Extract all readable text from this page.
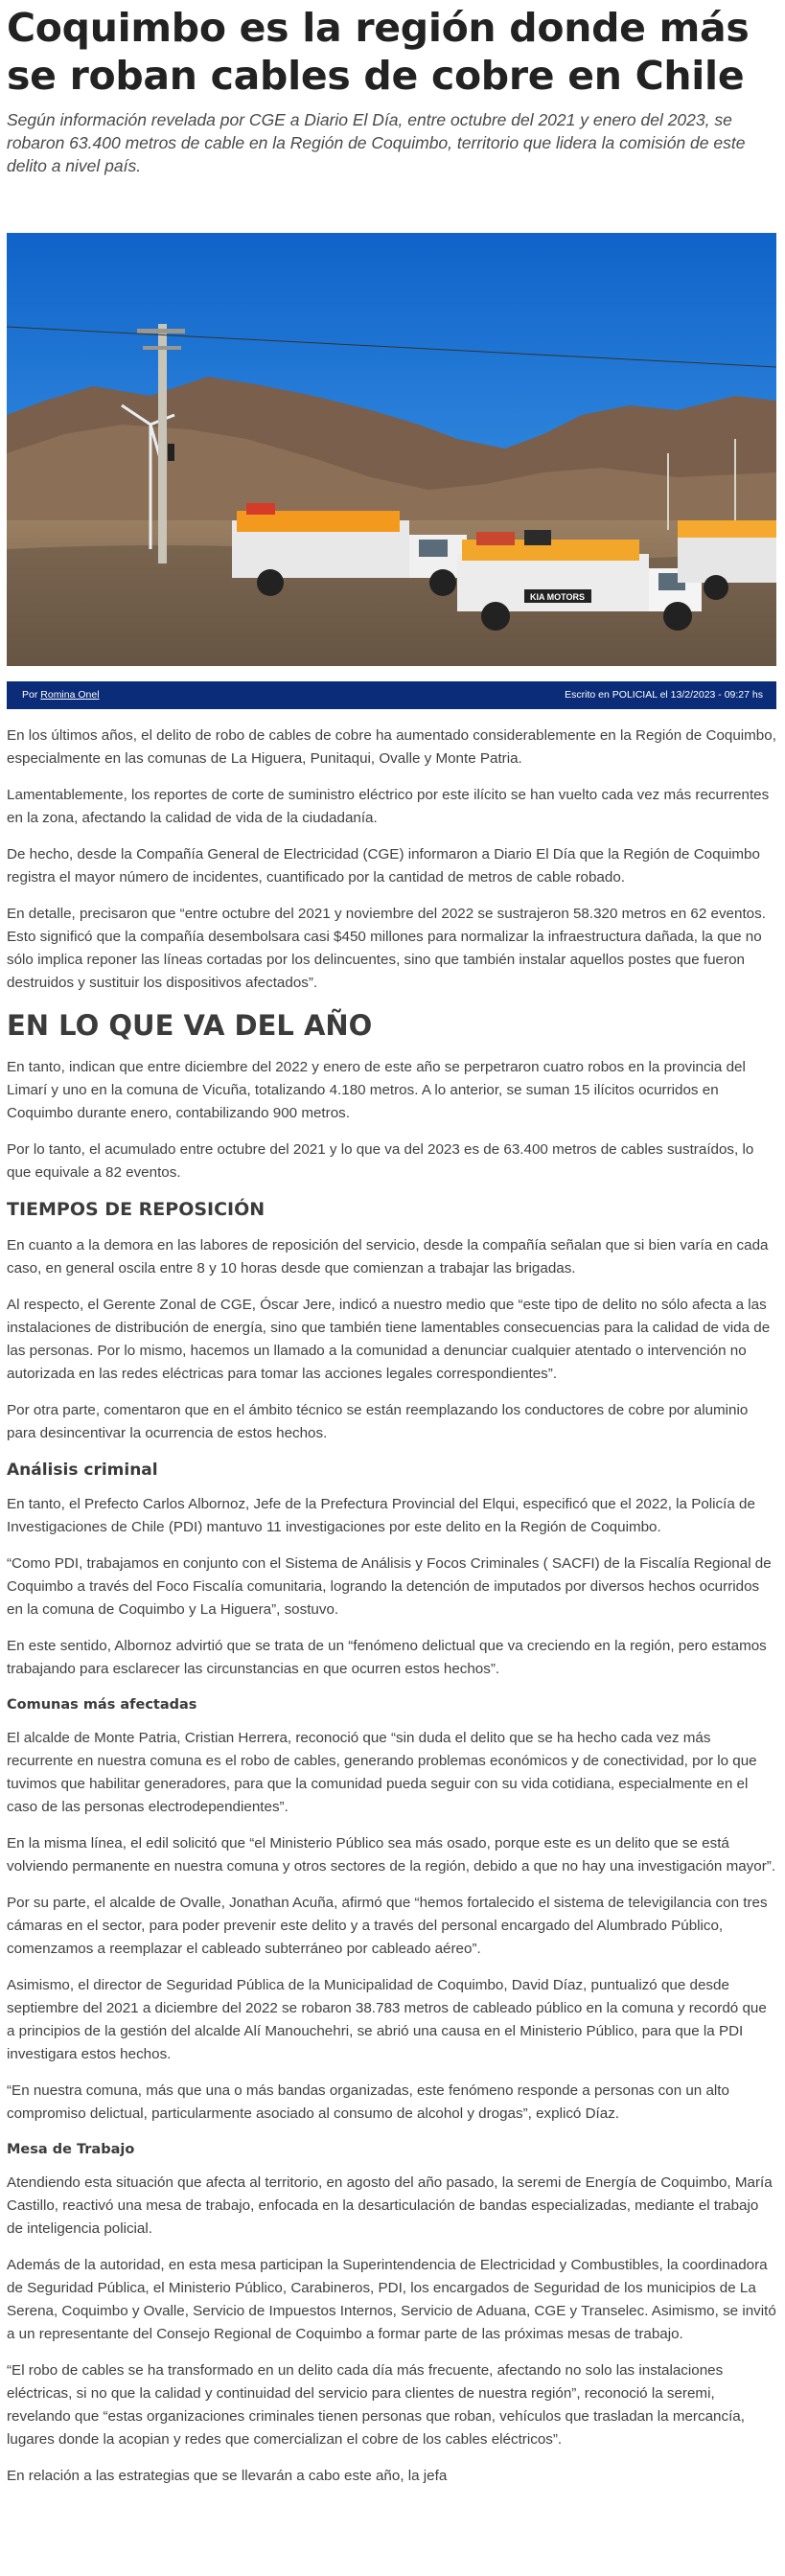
Coquimbo es la región donde más se roban cables de cobre en Chile

Según información revelada por CGE a Diario El Día, entre octubre del 2021 y enero del 2023, se robaron 63.400 metros de cable en la Región de Coquimbo, territorio que lidera la comisión de este delito a nivel país.

KIA MOTORS
Por Romina Onel	Escrito en POLICIAL el 13/2/2023 - 09:27 hs

En los últimos años, el delito de robo de cables de cobre ha aumentado considerablemente en la Región de Coquimbo, especialmente en las comunas de La Higuera, Punitaqui, Ovalle y Monte Patria.

Lamentablemente, los reportes de corte de suministro eléctrico por este ilícito se han vuelto cada vez más recurrentes en la zona, afectando la calidad de vida de la ciudadanía.

De hecho, desde la Compañía General de Electricidad (CGE) informaron a Diario El Día que la Región de Coquimbo registra el mayor número de incidentes, cuantificado por la cantidad de metros de cable robado.

En detalle, precisaron que “entre octubre del 2021 y noviembre del 2022 se sustrajeron 58.320 metros en 62 eventos. Esto significó que la compañía desembolsara casi $450 millones para normalizar la infraestructura dañada, la que no sólo implica reponer las líneas cortadas por los delincuentes, sino que también instalar aquellos postes que fueron destruidos y sustituir los dispositivos afectados”.

EN LO QUE VA DEL AÑO

En tanto, indican que entre diciembre del 2022 y enero de este año se perpetraron cuatro robos en la provincia del Limarí y uno en la comuna de Vicuña, totalizando 4.180 metros. A lo anterior, se suman 15 ilícitos ocurridos en Coquimbo durante enero, contabilizando 900 metros.

Por lo tanto, el acumulado entre octubre del 2021 y lo que va del 2023 es de 63.400 metros de cables sustraídos, lo que equivale a 82 eventos.

TIEMPOS DE REPOSICIÓN

En cuanto a la demora en las labores de reposición del servicio, desde la compañía señalan que si bien varía en cada caso, en general oscila entre 8 y 10 horas desde que comienzan a trabajar las brigadas.

Al respecto, el Gerente Zonal de CGE, Óscar Jere, indicó a nuestro medio que “este tipo de delito no sólo afecta a las instalaciones de distribución de energía, sino que también tiene lamentables consecuencias para la calidad de vida de las personas. Por lo mismo, hacemos un llamado a la comunidad a denunciar cualquier atentado o intervención no autorizada en las redes eléctricas para tomar las acciones legales correspondientes”.

Por otra parte, comentaron que en el ámbito técnico se están reemplazando los conductores de cobre por aluminio para desincentivar la ocurrencia de estos hechos.

Análisis criminal

En tanto, el Prefecto Carlos Albornoz, Jefe de la Prefectura Provincial del Elqui, especificó que el 2022, la Policía de Investigaciones de Chile (PDI) mantuvo 11 investigaciones por este delito en la Región de Coquimbo.

“Como PDI, trabajamos en conjunto con el Sistema de Análisis y Focos Criminales ( SACFI) de la Fiscalía Regional de Coquimbo a través del Foco Fiscalía comunitaria, logrando la detención de imputados por diversos hechos ocurridos en la comuna de Coquimbo y La Higuera”, sostuvo.

En este sentido, Albornoz advirtió que se trata de un “fenómeno delictual que va creciendo en la región, pero estamos trabajando para esclarecer las circunstancias en que ocurren estos hechos”.

Comunas más afectadas

El alcalde de Monte Patria, Cristian Herrera, reconoció que “sin duda el delito que se ha hecho cada vez más recurrente en nuestra comuna es el robo de cables, generando problemas económicos y de conectividad, por lo que tuvimos que habilitar generadores, para que la comunidad pueda seguir con su vida cotidiana, especialmente en el caso de las personas electrodependientes”.

En la misma línea, el edil solicitó que “el Ministerio Público sea más osado, porque este es un delito que se está volviendo permanente en nuestra comuna y otros sectores de la región, debido a que no hay una investigación mayor”.

Por su parte, el alcalde de Ovalle, Jonathan Acuña, afirmó que “hemos fortalecido el sistema de televigilancia con tres cámaras en el sector, para poder prevenir este delito y a través del personal encargado del Alumbrado Público, comenzamos a reemplazar el cableado subterráneo por cableado aéreo”.

Asimismo, el director de Seguridad Pública de la Municipalidad de Coquimbo, David Díaz, puntualizó que desde septiembre del 2021 a diciembre del 2022 se robaron 38.783 metros de cableado público en la comuna y recordó que a principios de la gestión del alcalde Alí Manouchehri, se abrió una causa en el Ministerio Público, para que la PDI investigara estos hechos.

“En nuestra comuna, más que una o más bandas organizadas, este fenómeno responde a personas con un alto compromiso delictual, particularmente asociado al consumo de alcohol y drogas”, explicó Díaz.

Mesa de Trabajo

Atendiendo esta situación que afecta al territorio, en agosto del año pasado, la seremi de Energía de Coquimbo, María Castillo, reactivó una mesa de trabajo, enfocada en la desarticulación de bandas especializadas, mediante el trabajo de inteligencia policial.

Además de la autoridad, en esta mesa participan la Superintendencia de Electricidad y Combustibles, la coordinadora de Seguridad Pública, el Ministerio Público, Carabineros, PDI, los encargados de Seguridad de los municipios de La Serena, Coquimbo y Ovalle, Servicio de Impuestos Internos, Servicio de Aduana, CGE y Transelec. Asimismo, se invitó a un representante del Consejo Regional de Coquimbo a formar parte de las próximas mesas de trabajo.

“El robo de cables se ha transformado en un delito cada día más frecuente, afectando no solo las instalaciones eléctricas, si no que la calidad y continuidad del servicio para clientes de nuestra región”, reconoció la seremi, revelando que “estas organizaciones criminales tienen personas que roban, vehículos que trasladan la mercancía, lugares donde la acopian y redes que comercializan el cobre de los cables eléctricos”.

En relación a las estrategias que se llevarán a cabo este año, la jefa
